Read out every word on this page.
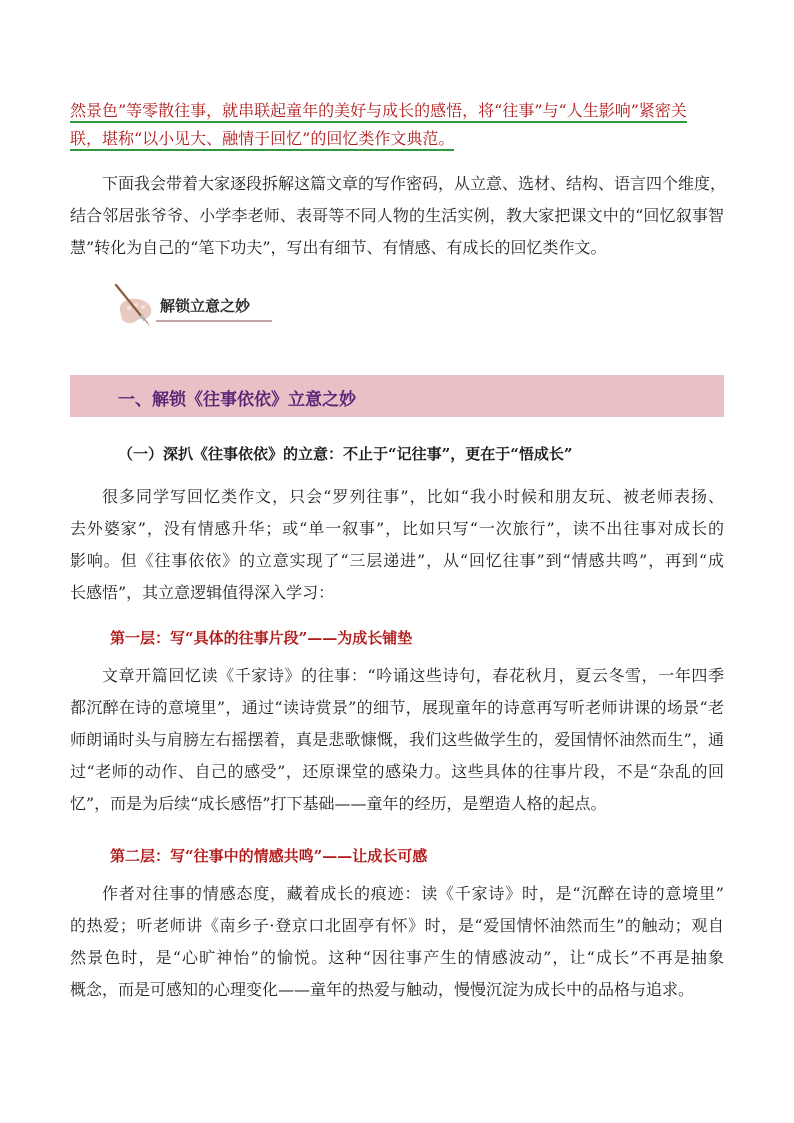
然景色”等零散往事，就串联起童年的美好与成长的感悟，将“往事”与“人生影响”紧密关
联，堪称“以小见大、融情于回忆”的回忆类作文典范。
下面我会带着大家逐段拆解这篇文章的写作密码，从立意、选材、结构、语言四个维度，
结合邻居张爷爷、小学李老师、表哥等不同人物的生活实例，教大家把课文中的“回忆叙事智
慧”转化为自己的“笔下功夫”，写出有细节、有情感、有成长的回忆类作文。
解锁立意之妙
一、解锁《往事依依》立意之妙
（一）深扒《往事依依》的立意：不止于“记往事”，更在于“悟成长”
很多同学写回忆类作文，只会“罗列往事”，比如“我小时候和朋友玩、被老师表扬、
去外婆家”，没有情感升华；或“单一叙事”，比如只写“一次旅行”，读不出往事对成长的
影响。但《往事依依》的立意实现了“三层递进”，从“回忆往事”到“情感共鸣”，再到“成
长感悟”，其立意逻辑值得深入学习：
第一层：写“具体的往事片段”——为成长铺垫
文章开篇回忆读《千家诗》的往事：“吟诵这些诗句，春花秋月，夏云冬雪，一年四季
都沉醉在诗的意境里”，通过“读诗赏景”的细节，展现童年的诗意再写听老师讲课的场景“老
师朗诵时头与肩膀左右摇摆着，真是悲歌慷慨，我们这些做学生的，爱国情怀油然而生”，通
过“老师的动作、自己的感受”，还原课堂的感染力。这些具体的往事片段，不是“杂乱的回
忆”，而是为后续“成长感悟”打下基础——童年的经历，是塑造人格的起点。
第二层：写“往事中的情感共鸣”——让成长可感
作者对往事的情感态度，藏着成长的痕迹：读《千家诗》时，是“沉醉在诗的意境里”
的热爱；听老师讲《南乡子·登京口北固亭有怀》时，是“爱国情怀油然而生”的触动；观自
然景色时，是“心旷神怡”的愉悦。这种“因往事产生的情感波动”，让“成长”不再是抽象
概念，而是可感知的心理变化——童年的热爱与触动，慢慢沉淀为成长中的品格与追求。
